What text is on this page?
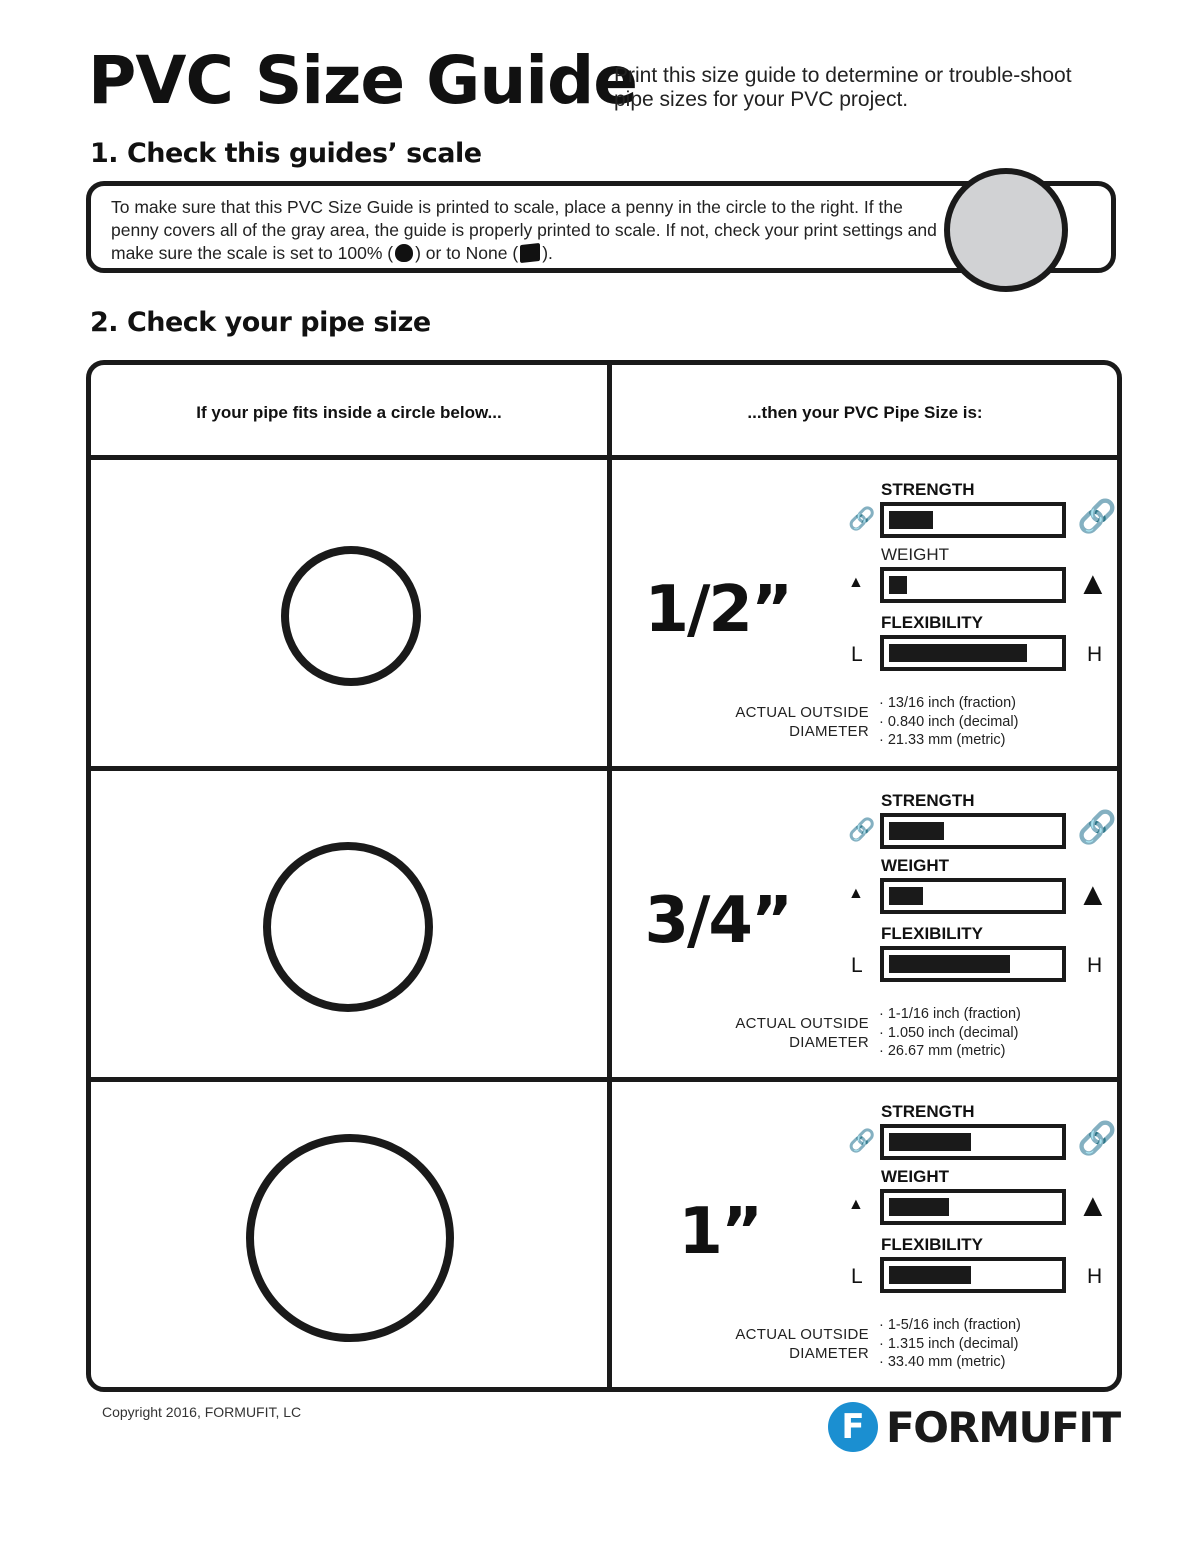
PVC Size Guide
Print this size guide to determine or trouble-shoot pipe sizes for your PVC project.
1. Check this guides’ scale
To make sure that this PVC Size Guide is printed to scale, place a penny in the circle to the right. If the penny covers all of the gray area, the guide is properly printed to scale. If not, check your print settings and make sure the scale is set to 100% ( ) or to None ( ).
2. Check your pipe size
If your pipe fits inside a circle below...	...then your PVC Pipe Size is:
1/2”
STRENGTH
🔗	🔗
WEIGHT
▲	▲
FLEXIBILITY
L	H
ACTUAL OUTSIDE
DIAMETER
· 13/16 inch (fraction)
· 0.840 inch (decimal)
· 21.33 mm (metric)
3/4”
STRENGTH
🔗	🔗
WEIGHT
▲	▲
FLEXIBILITY
L	H
ACTUAL OUTSIDE
DIAMETER
· 1-1/16 inch (fraction)
· 1.050 inch (decimal)
· 26.67 mm (metric)
1”
STRENGTH
🔗	🔗
WEIGHT
▲	▲
FLEXIBILITY
L	H
ACTUAL OUTSIDE
DIAMETER
· 1-5/16 inch (fraction)
· 1.315 inch (decimal)
· 33.40 mm (metric)
Copyright 2016, FORMUFIT, LC	F FORMUFIT
